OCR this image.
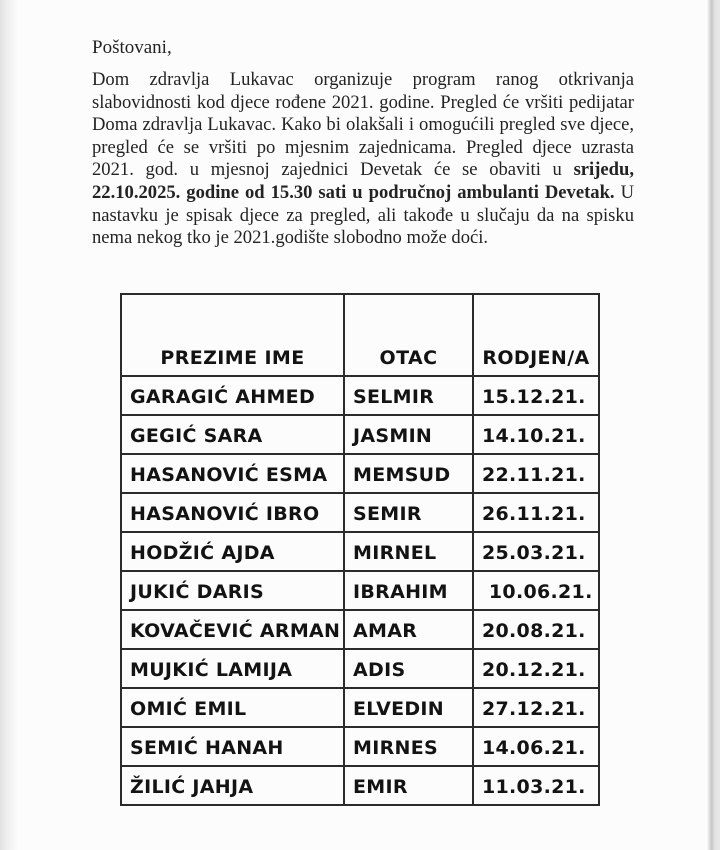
Poštovani,

Dom zdravlja Lukavac organizuje program ranog otkrivanja slabovidnosti kod djece rođene 2021. godine. Pregled će vršiti pedijatar Doma zdravlja Lukavac. Kako bi olakšali i omogućili pregled sve djece, pregled će se vršiti po mjesnim zajednicama. Pregled djece uzrasta 2021. god. u mjesnoj zajednici Devetak će se obaviti u srijedu, 22.10.2025. godine od 15.30 sati u područnoj ambulanti Devetak. U nastavku je spisak djece za pregled, ali takođe u slučaju da na spisku nema nekog tko je 2021.godište slobodno može doći.

PREZIME IME	OTAC	RODJEN/A
GARAGIĆ AHMED	SELMIR	15.12.21.
GEGIĆ SARA	JASMIN	14.10.21.
HASANOVIĆ ESMA	MEMSUD	22.11.21.
HASANOVIĆ IBRO	SEMIR	26.11.21.
HODŽIĆ AJDA	MIRNEL	25.03.21.
JUKIĆ DARIS	IBRAHIM	10.06.21.
KOVAČEVIĆ ARMAN	AMAR	20.08.21.
MUJKIĆ LAMIJA	ADIS	20.12.21.
OMIĆ EMIL	ELVEDIN	27.12.21.
SEMIĆ HANAH	MIRNES	14.06.21.
ŽILIĆ JAHJA	EMIR	11.03.21.
